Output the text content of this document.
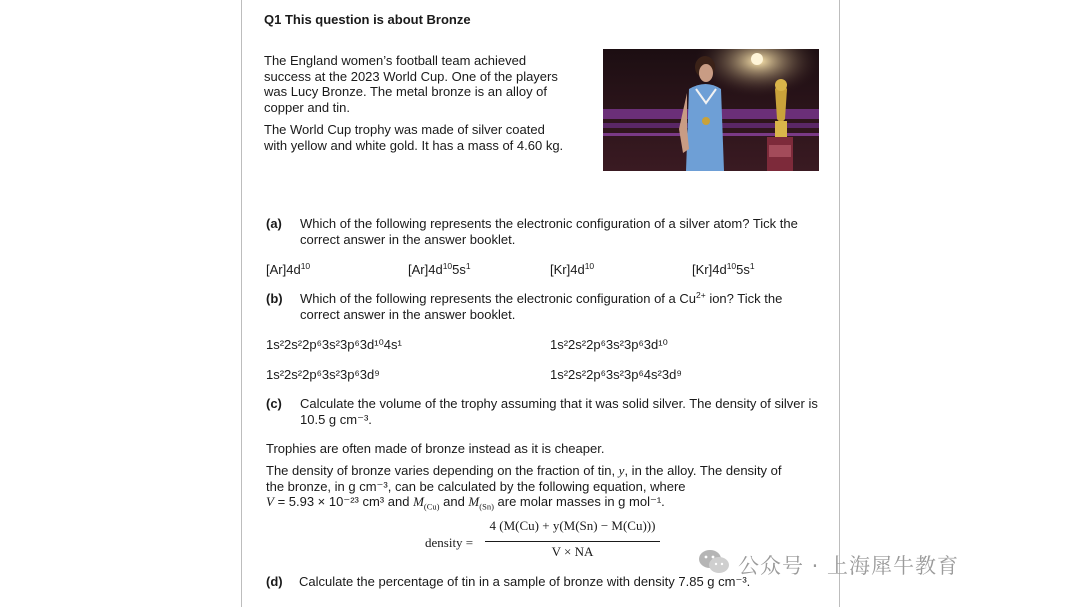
Q1 This question is about Bronze
The England women’s football team achieved success at the 2023 World Cup. One of the players was Lucy Bronze. The metal bronze is an alloy of copper and tin.
The World Cup trophy was made of silver coated with yellow and white gold. It has a mass of 4.60 kg.
(a) Which of the following represents the electronic configuration of a silver atom? Tick the correct answer in the answer booklet.
$[Ar]4d^{10}$	$[Ar]4d^{10}5s^1$	$[Kr]4d^{10}$	$[Kr]4d^{10}5s^1$
(b) Which of the following represents the electronic configuration of a $Cu^{2+}$ ion? Tick the correct answer in the answer booklet.
1s²2s²2p⁶3s²3p⁶3d¹⁰4s¹	1s²2s²2p⁶3s²3p⁶3d¹⁰
1s²2s²2p⁶3s²3p⁶3d⁹	1s²2s²2p⁶3s²3p⁶4s²3d⁹
(c) Calculate the volume of the trophy assuming that it was solid silver. The density of silver is 10.5 g cm⁻³.
Trophies are often made of bronze instead as it is cheaper.
The density of bronze varies depending on the fraction of tin, y, in the alloy. The density of
the bronze, in g cm⁻³, can be calculated by the following equation, where
V = 5.93 × 10⁻²³ cm³ and $M_{(Cu)}$ and $M_{(Sn)}$ are molar masses in g mol⁻¹.
density =
4 (M(Cu) + y(M(Sn) − M(Cu)))
V × NA
(d) Calculate the percentage of tin in a sample of bronze with density 7.85 g cm⁻³.
公众号 · 上海犀牛教育
